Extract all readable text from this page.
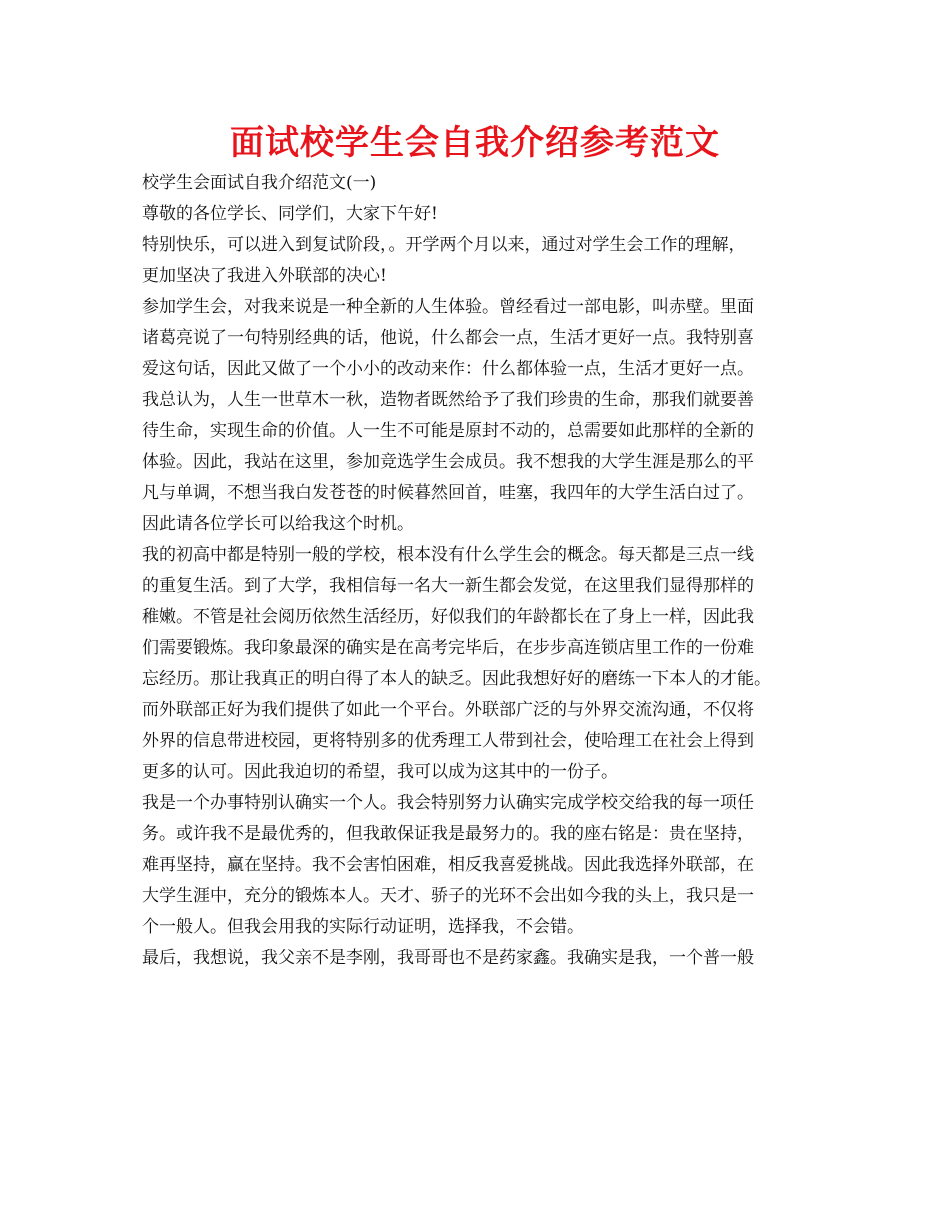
面试校学生会自我介绍参考范文
校学生会面试自我介绍范文(一)
尊敬的各位学长、同学们，大家下午好!
特别快乐，可以进入到复试阶段，。开学两个月以来，通过对学生会工作的理解，
更加坚决了我进入外联部的决心!
参加学生会，对我来说是一种全新的人生体验。曾经看过一部电影，叫赤壁。里面
诸葛亮说了一句特别经典的话，他说，什么都会一点，生活才更好一点。我特别喜
爱这句话，因此又做了一个小小的改动来作：什么都体验一点，生活才更好一点。
我总认为，人生一世草木一秋，造物者既然给予了我们珍贵的生命，那我们就要善
待生命，实现生命的价值。人一生不可能是原封不动的，总需要如此那样的全新的
体验。因此，我站在这里，参加竞选学生会成员。我不想我的大学生涯是那么的平
凡与单调，不想当我白发苍苍的时候暮然回首，哇塞，我四年的大学生活白过了。
因此请各位学长可以给我这个时机。
我的初高中都是特别一般的学校，根本没有什么学生会的概念。每天都是三点一线
的重复生活。到了大学，我相信每一名大一新生都会发觉，在这里我们显得那样的
稚嫩。不管是社会阅历依然生活经历，好似我们的年龄都长在了身上一样，因此我
们需要锻炼。我印象最深的确实是在高考完毕后，在步步高连锁店里工作的一份难
忘经历。那让我真正的明白得了本人的缺乏。因此我想好好的磨练一下本人的才能。
而外联部正好为我们提供了如此一个平台。外联部广泛的与外界交流沟通，不仅将
外界的信息带进校园，更将特别多的优秀理工人带到社会，使哈理工在社会上得到
更多的认可。因此我迫切的希望，我可以成为这其中的一份子。
我是一个办事特别认确实一个人。我会特别努力认确实完成学校交给我的每一项任
务。或许我不是最优秀的，但我敢保证我是最努力的。我的座右铭是：贵在坚持，
难再坚持，赢在坚持。我不会害怕困难，相反我喜爱挑战。因此我选择外联部，在
大学生涯中，充分的锻炼本人。天才、骄子的光环不会出如今我的头上，我只是一
个一般人。但我会用我的实际行动证明，选择我，不会错。
最后，我想说，我父亲不是李刚，我哥哥也不是药家鑫。我确实是我，一个普一般
